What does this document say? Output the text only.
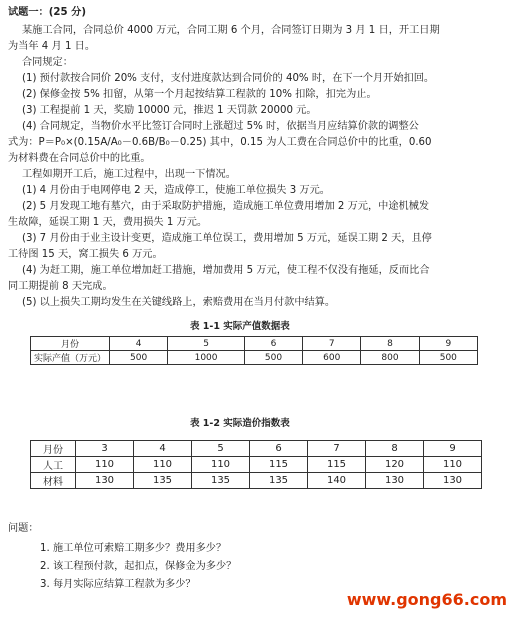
试题一：(25 分)
某施工合同，合同总价 4000 万元，合同工期 6 个月，合同签订日期为 3 月 1 日，开工日期
为当年 4 月 1 日。
合同规定：
(1) 预付款按合同价 20% 支付，支付进度款达到合同价的 40% 时，在下一个月开始扣回。
(2) 保修金按 5% 扣留，从第一个月起按结算工程款的 10% 扣除，扣完为止。
(3) 工程提前 1 天，奖励 10000 元，推迟 1 天罚款 20000 元。
(4) 合同规定，当物价水平比签订合同时上涨超过 5% 时，依据当月应结算价款的调整公
式为：P＝P₀×(0.15A/A₀－0.6B/B₀－0.25) 其中，0.15 为人工费在合同总价中的比重，0.60
为材料费在合同总价中的比重。
工程如期开工后，施工过程中，出现一下情况。
(1) 4 月份由于电网停电 2 天，造成停工，使施工单位损失 3 万元。
(2) 5 月发现工地有墓穴，由于采取防护措施，造成施工单位费用增加 2 万元，中途机械发
生故障，延误工期 1 天，费用损失 1 万元。
(3) 7 月份由于业主设计变更，造成施工单位误工，费用增加 5 万元，延误工期 2 天，且停
工待图 15 天，窝工损失 6 万元。
(4) 为赶工期，施工单位增加赶工措施，增加费用 5 万元，使工程不仅没有拖延，反而比合
同工期提前 8 天完成。
(5) 以上损失工期均发生在关键线路上，索赔费用在当月付款中结算。
表 1-1 实际产值数据表
月份	4	5	6	7	8	9
实际产值（万元）	500	1000	500	600	800	500
表 1-2 实际造价指数表
月份	3	4	5	6	7	8	9
人工	110	110	110	115	115	120	110
材料	130	135	135	135	140	130	130
问题：
1. 施工单位可索赔工期多少？费用多少？
2. 该工程预付款，起扣点，保修金为多少？
3. 每月实际应结算工程款为多少？
www.gong66.com
